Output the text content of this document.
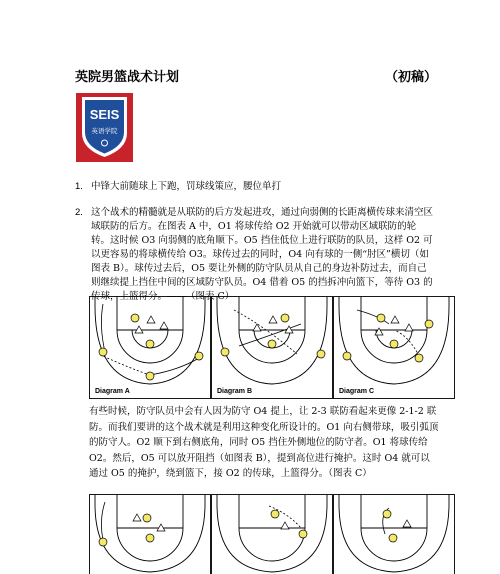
英院男篮战术计划	（初稿）
SEIS
英语学院
1. 中锋大前随球上下跑，罚球线策应，腰位单打
2. 这个战术的精髓就是从联防的后方发起进攻，通过向弱侧的长距离横传球来清空区域联防的后方。在图表 A 中，O1 将球传给 O2 开始就可以带动区域联防的轮转。这时候 O3 向弱侧的底角顺下。O5 挡住低位上进行联防的队员，这样 O2 可以更容易的将球横传给 O3。球传过去的同时，O4 向有球的一侧“肘区”横切（如图表 B）。球传过去后，O5 要让外侧的防守队员从自己的身边补防过去，而自己则继续提上挡住中间的区域防守队员。O4 借着 O5 的挡拆冲向篮下，等待 O3 的传球，上篮得分。——（图表 C）
Diagram A	Diagram B	Diagram C
有些时候，防守队员中会有人因为防守 O4 提上，让 2-3 联防看起来更像 2-1-2 联防。而我们要讲的这个战术就是利用这种变化所设计的。O1 向右侧带球，吸引弧顶的防守人。O2 顺下到右侧底角，同时 O5 挡住外侧地位的防守者。O1 将球传给 O2。然后，O5 可以放开阻挡（如图表 B），提到高位进行掩护。这时 O4 就可以通过 O5 的掩护，绕到篮下，接 O2 的传球，上篮得分。（图表 C）
